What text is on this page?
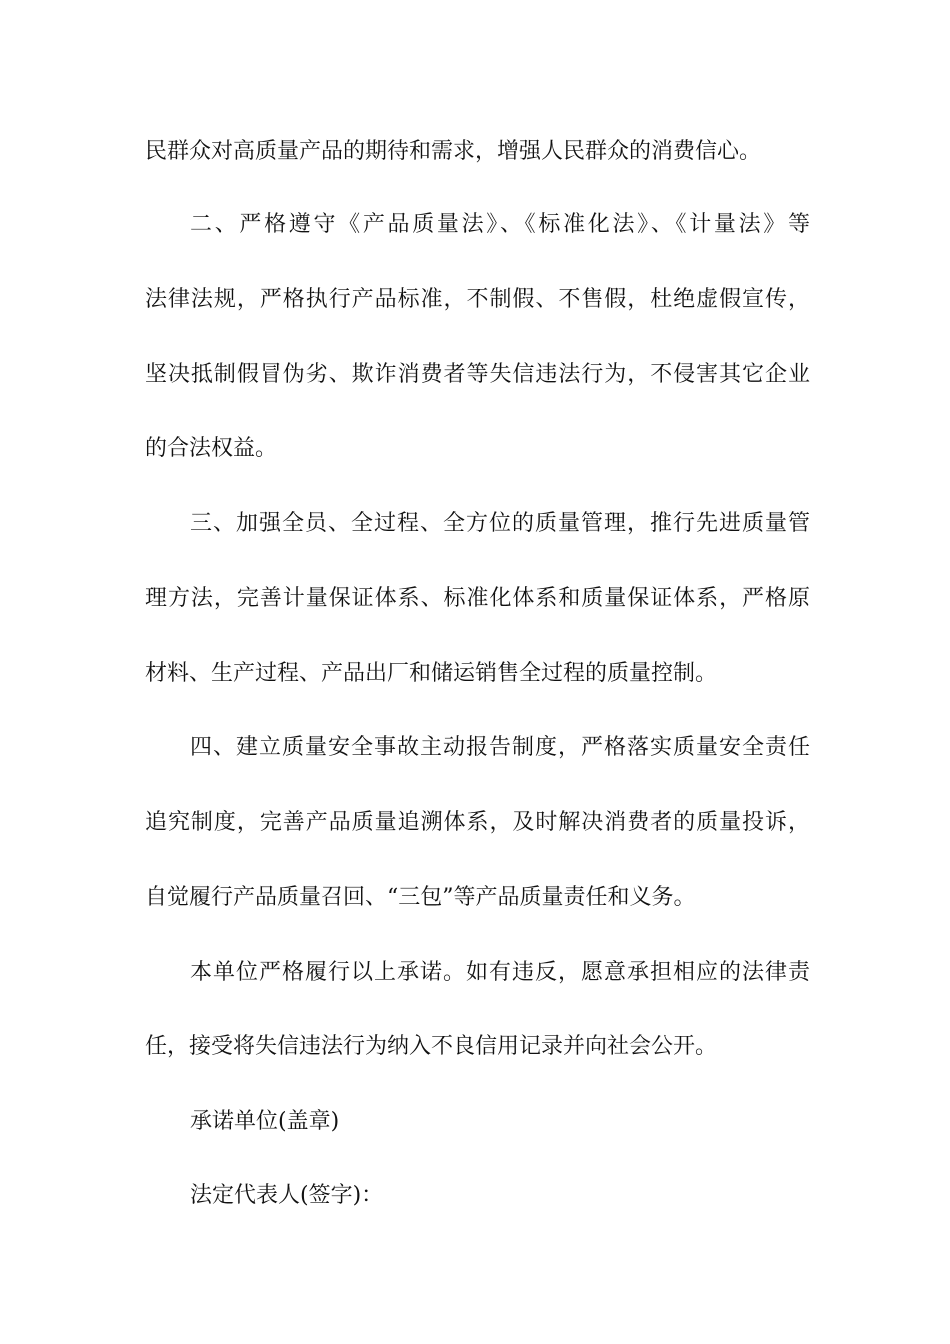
民群众对高质量产品的期待和需求，增强人民群众的消费信心。
二、严格遵守《产品质量法》、《标准化法》、《计量法》等
法律法规，严格执行产品标准，不制假、不售假，杜绝虚假宣传，
坚决抵制假冒伪劣、欺诈消费者等失信违法行为，不侵害其它企业
的合法权益。
三、加强全员、全过程、全方位的质量管理，推行先进质量管
理方法，完善计量保证体系、标准化体系和质量保证体系，严格原
材料、生产过程、产品出厂和储运销售全过程的质量控制。
四、建立质量安全事故主动报告制度，严格落实质量安全责任
追究制度，完善产品质量追溯体系，及时解决消费者的质量投诉，
自觉履行产品质量召回、“三包”等产品质量责任和义务。
本单位严格履行以上承诺。如有违反，愿意承担相应的法律责
任，接受将失信违法行为纳入不良信用记录并向社会公开。
承诺单位(盖章)
法定代表人(签字)：
